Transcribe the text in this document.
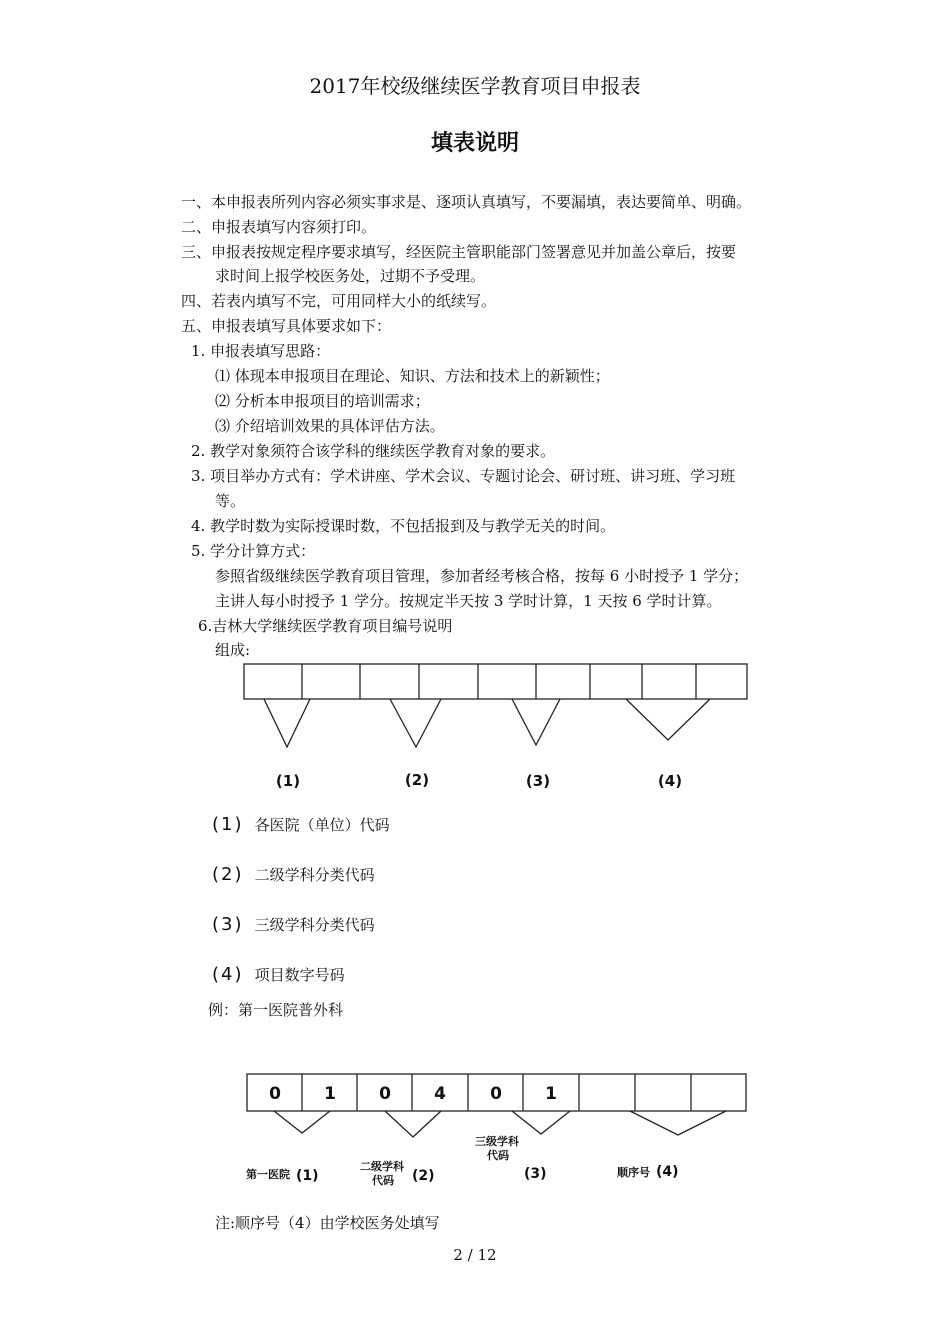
2017年校级继续医学教育项目申报表
填表说明
一、本申报表所列内容必须实事求是、逐项认真填写，不要漏填，表达要简单、明确。
二、申报表填写内容须打印。
三、申报表按规定程序要求填写，经医院主管职能部门签署意见并加盖公章后，按要
求时间上报学校医务处，过期不予受理。
四、若表内填写不完，可用同样大小的纸续写。
五、申报表填写具体要求如下：
1. 申报表填写思路：
⑴ 体现本申报项目在理论、知识、方法和技术上的新颖性；
⑵ 分析本申报项目的培训需求；
⑶ 介绍培训效果的具体评估方法。
2. 教学对象须符合该学科的继续医学教育对象的要求。
3. 项目举办方式有：学术讲座、学术会议、专题讨论会、研讨班、讲习班、学习班
等。
4. 教学时数为实际授课时数，不包括报到及与教学无关的时间。
5. 学分计算方式：
参照省级继续医学教育项目管理，参加者经考核合格，按每 6 小时授予 1 学分；
主讲人每小时授予 1 学分。按规定半天按 3 学时计算，1 天按 6 学时计算。
6.吉林大学继续医学教育项目编号说明
组成:
(1)	(2)	(3)	(4)
(1) 各医院（单位）代码
(2) 二级学科分类代码
(3) 三级学科分类代码
(4) 项目数字号码
例：第一医院普外科
0	1	0	4	0	1
第一医院 (1)
二级学科
代码 (2)
三级学科
代码
(3)	顺序号 (4)
注:顺序号（4）由学校医务处填写
2 / 12
